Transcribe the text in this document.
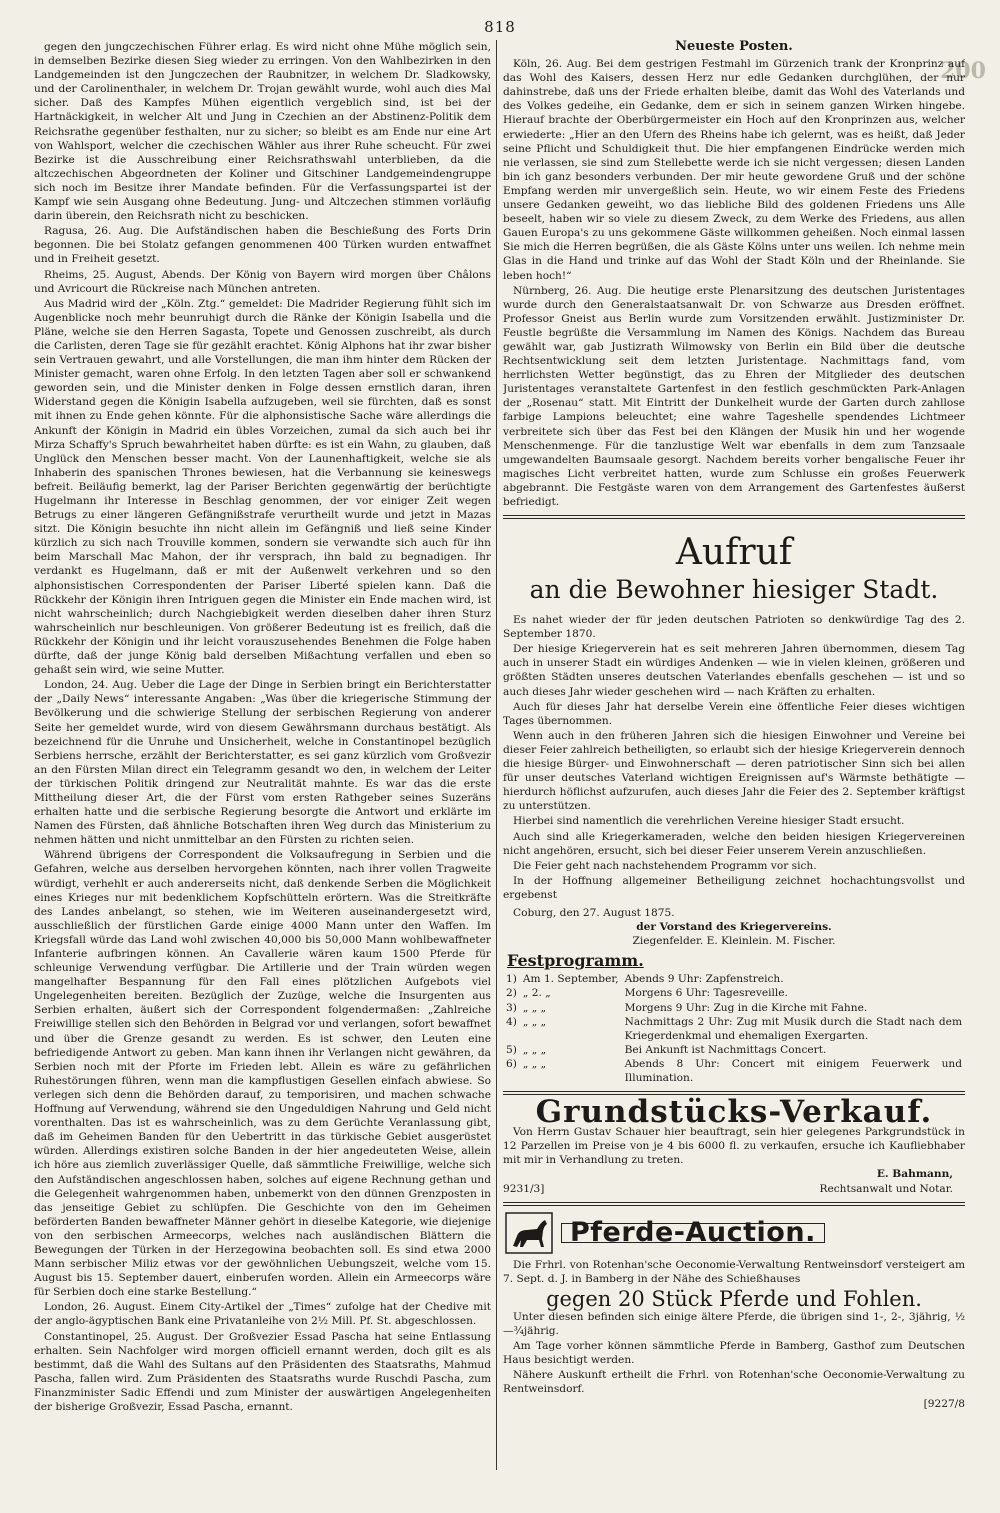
818
200

gegen den jungczechischen Führer erlag. Es wird nicht ohne Mühe möglich sein, in demselben Bezirke diesen Sieg wieder zu erringen. Von den Wahlbezirken in den Landgemeinden ist den Jungczechen der Raubnitzer, in welchem Dr. Sladkowsky, und der Carolinenthaler, in welchem Dr. Trojan gewählt wurde, wohl auch dies Mal sicher. Daß des Kampfes Mühen eigentlich vergeblich sind, ist bei der Hartnäckigkeit, in welcher Alt und Jung in Czechien an der Abstinenz-Politik dem Reichsrathe gegenüber festhalten, nur zu sicher; so bleibt es am Ende nur eine Art von Wahlsport, welcher die czechischen Wähler aus ihrer Ruhe scheucht. Für zwei Bezirke ist die Ausschreibung einer Reichsrathswahl unterblieben, da die altczechischen Abgeordneten der Koliner und Gitschiner Landgemeindengruppe sich noch im Besitze ihrer Mandate befinden. Für die Verfassungspartei ist der Kampf wie sein Ausgang ohne Bedeutung. Jung- und Altczechen stimmen vorläufig darin überein, den Reichsrath nicht zu beschicken.

Ragusa, 26. Aug. Die Aufständischen haben die Beschießung des Forts Drin begonnen. Die bei Stolatz gefangen genommenen 400 Türken wurden entwaffnet und in Freiheit gesetzt.

Rheims, 25. August, Abends. Der König von Bayern wird morgen über Châlons und Avricourt die Rückreise nach München antreten.

Aus Madrid wird der „Köln. Ztg.“ gemeldet: Die Madrider Regierung fühlt sich im Augenblicke noch mehr beunruhigt durch die Ränke der Königin Isabella und die Pläne, welche sie den Herren Sagasta, Topete und Genossen zuschreibt, als durch die Carlisten, deren Tage sie für gezählt erachtet. König Alphons hat ihr zwar bisher sein Vertrauen gewahrt, und alle Vorstellungen, die man ihm hinter dem Rücken der Minister gemacht, waren ohne Erfolg. In den letzten Tagen aber soll er schwankend geworden sein, und die Minister denken in Folge dessen ernstlich daran, ihren Widerstand gegen die Königin Isabella aufzugeben, weil sie fürchten, daß es sonst mit ihnen zu Ende gehen könnte. Für die alphonsistische Sache wäre allerdings die Ankunft der Königin in Madrid ein übles Vorzeichen, zumal da sich auch bei ihr Mirza Schaffy's Spruch bewahrheitet haben dürfte: es ist ein Wahn, zu glauben, daß Unglück den Menschen besser macht. Von der Launenhaftigkeit, welche sie als Inhaberin des spanischen Thrones bewiesen, hat die Verbannung sie keineswegs befreit. Beiläufig bemerkt, lag der Pariser Berichten gegenwärtig der berüchtigte Hugelmann ihr Interesse in Beschlag genommen, der vor einiger Zeit wegen Betrugs zu einer längeren Gefängnißstrafe verurtheilt wurde und jetzt in Mazas sitzt. Die Königin besuchte ihn nicht allein im Gefängniß und ließ seine Kinder kürzlich zu sich nach Trouville kommen, sondern sie verwandte sich auch für ihn beim Marschall Mac Mahon, der ihr versprach, ihn bald zu begnadigen. Ihr verdankt es Hugelmann, daß er mit der Außenwelt verkehren und so den alphonsistischen Correspondenten der Pariser Liberté spielen kann. Daß die Rückkehr der Königin ihren Intriguen gegen die Minister ein Ende machen wird, ist nicht wahrscheinlich; durch Nachgiebigkeit werden dieselben daher ihren Sturz wahrscheinlich nur beschleunigen. Von größerer Bedeutung ist es freilich, daß die Rückkehr der Königin und ihr leicht vorauszusehendes Benehmen die Folge haben dürfte, daß der junge König bald derselben Mißachtung verfallen und eben so gehaßt sein wird, wie seine Mutter.

London, 24. Aug. Ueber die Lage der Dinge in Serbien bringt ein Berichterstatter der „Daily News“ interessante Angaben: „Was über die kriegerische Stimmung der Bevölkerung und die schwierige Stellung der serbischen Regierung von anderer Seite her gemeldet wurde, wird von diesem Gewährsmann durchaus bestätigt. Als bezeichnend für die Unruhe und Unsicherheit, welche in Constantinopel bezüglich Serbiens herrsche, erzählt der Berichterstatter, es sei ganz kürzlich vom Großvezir an den Fürsten Milan direct ein Telegramm gesandt wo den, in welchem der Leiter der türkischen Politik dringend zur Neutralität mahnte. Es war das die erste Mittheilung dieser Art, die der Fürst vom ersten Rathgeber seines Suzeräns erhalten hatte und die serbische Regierung besorgte die Antwort und erklärte im Namen des Fürsten, daß ähnliche Botschaften ihren Weg durch das Ministerium zu nehmen hätten und nicht unmittelbar an den Fürsten zu richten seien.

Während übrigens der Correspondent die Volksaufregung in Serbien und die Gefahren, welche aus derselben hervorgehen könnten, nach ihrer vollen Tragweite würdigt, verhehlt er auch andererseits nicht, daß denkende Serben die Möglichkeit eines Krieges nur mit bedenklichem Kopfschütteln erörtern. Was die Streitkräfte des Landes anbelangt, so stehen, wie im Weiteren auseinandergesetzt wird, ausschließlich der fürstlichen Garde einige 4000 Mann unter den Waffen. Im Kriegsfall würde das Land wohl zwischen 40,000 bis 50,000 Mann wohlbewaffneter Infanterie aufbringen können. An Cavallerie wären kaum 1500 Pferde für schleunige Verwendung verfügbar. Die Artillerie und der Train würden wegen mangelhafter Bespannung für den Fall eines plötzlichen Aufgebots viel Ungelegenheiten bereiten. Bezüglich der Zuzüge, welche die Insurgenten aus Serbien erhalten, äußert sich der Correspondent folgendermaßen: „Zahlreiche Freiwillige stellen sich den Behörden in Belgrad vor und verlangen, sofort bewaffnet und über die Grenze gesandt zu werden. Es ist schwer, den Leuten eine befriedigende Antwort zu geben. Man kann ihnen ihr Verlangen nicht gewähren, da Serbien noch mit der Pforte im Frieden lebt. Allein es wäre zu gefährlichen Ruhestörungen führen, wenn man die kampflustigen Gesellen einfach abwiese. So verlegen sich denn die Behörden darauf, zu temporisiren, und machen schwache Hoffnung auf Verwendung, während sie den Ungeduldigen Nahrung und Geld nicht vorenthalten. Das ist es wahrscheinlich, was zu dem Gerüchte Veranlassung gibt, daß im Geheimen Banden für den Uebertritt in das türkische Gebiet ausgerüstet würden. Allerdings existiren solche Banden in der hier angedeuteten Weise, allein ich höre aus ziemlich zuverlässiger Quelle, daß sämmtliche Freiwillige, welche sich den Aufständischen angeschlossen haben, solches auf eigene Rechnung gethan und die Gelegenheit wahrgenommen haben, unbemerkt von den dünnen Grenzposten in das jenseitige Gebiet zu schlüpfen. Die Geschichte von den im Geheimen beförderten Banden bewaffneter Männer gehört in dieselbe Kategorie, wie diejenige von den serbischen Armeecorps, welches nach ausländischen Blättern die Bewegungen der Türken in der Herzegowina beobachten soll. Es sind etwa 2000 Mann serbischer Miliz etwas vor der gewöhnlichen Uebungszeit, welche vom 15. August bis 15. September dauert, einberufen worden. Allein ein Armeecorps wäre für Serbien doch eine starke Bestellung.“

London, 26. August. Einem City-Artikel der „Times“ zufolge hat der Chedive mit der anglo-ägyptischen Bank eine Privatanleihe von 2½ Mill. Pf. St. abgeschlossen.

Constantinopel, 25. August. Der Großvezier Essad Pascha hat seine Entlassung erhalten. Sein Nachfolger wird morgen officiell ernannt werden, doch gilt es als bestimmt, daß die Wahl des Sultans auf den Präsidenten des Staatsraths, Mahmud Pascha, fallen wird. Zum Präsidenten des Staatsraths wurde Ruschdi Pascha, zum Finanzminister Sadic Effendi und zum Minister der auswärtigen Angelegenheiten der bisherige Großvezir, Essad Pascha, ernannt.

Neueste Posten.

Köln, 26. Aug. Bei dem gestrigen Festmahl im Gürzenich trank der Kronprinz auf das Wohl des Kaisers, dessen Herz nur edle Gedanken durchglühen, der nur dahinstrebe, daß uns der Friede erhalten bleibe, damit das Wohl des Vaterlands und des Volkes gedeihe, ein Gedanke, dem er sich in seinem ganzen Wirken hingebe. Hierauf brachte der Oberbürgermeister ein Hoch auf den Kronprinzen aus, welcher erwiederte: „Hier an den Ufern des Rheins habe ich gelernt, was es heißt, daß Jeder seine Pflicht und Schuldigkeit thut. Die hier empfangenen Eindrücke werden mich nie verlassen, sie sind zum Stellebette werde ich sie nicht vergessen; diesen Landen bin ich ganz besonders verbunden. Der mir heute gewordene Gruß und der schöne Empfang werden mir unvergeßlich sein. Heute, wo wir einem Feste des Friedens unsere Gedanken geweiht, wo das liebliche Bild des goldenen Friedens uns Alle beseelt, haben wir so viele zu diesem Zweck, zu dem Werke des Friedens, aus allen Gauen Europa's zu uns gekommene Gäste willkommen geheißen. Noch einmal lassen Sie mich die Herren begrüßen, die als Gäste Kölns unter uns weilen. Ich nehme mein Glas in die Hand und trinke auf das Wohl der Stadt Köln und der Rheinlande. Sie leben hoch!“

Nürnberg, 26. Aug. Die heutige erste Plenarsitzung des deutschen Juristentages wurde durch den Generalstaatsanwalt Dr. von Schwarze aus Dresden eröffnet. Professor Gneist aus Berlin wurde zum Vorsitzenden erwählt. Justizminister Dr. Feustle begrüßte die Versammlung im Namen des Königs. Nachdem das Bureau gewählt war, gab Justizrath Wilmowsky von Berlin ein Bild über die deutsche Rechtsentwicklung seit dem letzten Juristentage. Nachmittags fand, vom herrlichsten Wetter begünstigt, das zu Ehren der Mitglieder des deutschen Juristentages veranstaltete Gartenfest in den festlich geschmückten Park-Anlagen der „Rosenau“ statt. Mit Eintritt der Dunkelheit wurde der Garten durch zahllose farbige Lampions beleuchtet; eine wahre Tageshelle spendendes Lichtmeer verbreitete sich über das Fest bei den Klängen der Musik hin und her wogende Menschenmenge. Für die tanzlustige Welt war ebenfalls in dem zum Tanzsaale umgewandelten Baumsaale gesorgt. Nachdem bereits vorher bengalische Feuer ihr magisches Licht verbreitet hatten, wurde zum Schlusse ein großes Feuerwerk abgebrannt. Die Festgäste waren von dem Arrangement des Gartenfestes äußerst befriedigt.

Aufruf
an die Bewohner hiesiger Stadt.

Es nahet wieder der für jeden deutschen Patrioten so denkwürdige Tag des 2. September 1870.

Der hiesige Kriegerverein hat es seit mehreren Jahren übernommen, diesem Tag auch in unserer Stadt ein würdiges Andenken — wie in vielen kleinen, größeren und größten Städten unseres deutschen Vaterlandes ebenfalls geschehen — ist und so auch dieses Jahr wieder geschehen wird — nach Kräften zu erhalten.

Auch für dieses Jahr hat derselbe Verein eine öffentliche Feier dieses wichtigen Tages übernommen.

Wenn auch in den früheren Jahren sich die hiesigen Einwohner und Vereine bei dieser Feier zahlreich betheiligten, so erlaubt sich der hiesige Kriegerverein dennoch die hiesige Bürger- und Einwohnerschaft — deren patriotischer Sinn sich bei allen für unser deutsches Vaterland wichtigen Ereignissen auf's Wärmste bethätigte — hierdurch höflichst aufzurufen, auch dieses Jahr die Feier des 2. September kräftigst zu unterstützen.

Hierbei sind namentlich die verehrlichen Vereine hiesiger Stadt ersucht.

Auch sind alle Kriegerkameraden, welche den beiden hiesigen Kriegervereinen nicht angehören, ersucht, sich bei dieser Feier unserem Verein anzuschließen.

Die Feier geht nach nachstehendem Programm vor sich.

In der Hoffnung allgemeiner Betheiligung zeichnet hochachtungsvollst und ergebenst

Coburg, den 27. August 1875.

der Vorstand des Kriegervereins.
Ziegenfelder. E. Kleinlein. M. Fischer.
Festprogramm.
1)	Am 1. September,	Abends 9 Uhr: Zapfenstreich.
2)	„ 2. „	Morgens 6 Uhr: Tagesreveille.
3)	„ „ „	Morgens 9 Uhr: Zug in die Kirche mit Fahne.
4)	„ „ „	Nachmittags 2 Uhr: Zug mit Musik durch die Stadt nach dem Kriegerdenkmal und ehemaligen Exergarten.
5)	„ „ „	Bei Ankunft ist Nachmittags Concert.
6)	„ „ „	Abends 8 Uhr: Concert mit einigem Feuerwerk und Illumination.
Grundstücks-Verkauf.

Von Herrn Gustav Schauer hier beauftragt, sein hier gelegenes Parkgrundstück in 12 Parzellen im Preise von je 4 bis 6000 fl. zu verkaufen, ersuche ich Kaufliebhaber mit mir in Verhandlung zu treten.

E. Bahmann,
9231/3]	Rechtsanwalt und Notar.
Pferde-Auction.

Die Frhrl. von Rotenhan'sche Oeconomie-Verwaltung Rentweinsdorf versteigert am 7. Sept. d. J. in Bamberg in der Nähe des Schießhauses

gegen 20 Stück Pferde und Fohlen.

Unter diesen befinden sich einige ältere Pferde, die übrigen sind 1-, 2-, 3jährig, ½—¾jährig.

Am Tage vorher können sämmtliche Pferde in Bamberg, Gasthof zum Deutschen Haus besichtigt werden.

Nähere Auskunft ertheilt die Frhrl. von Rotenhan'sche Oeconomie-Verwaltung zu Rentweinsdorf.

[9227/8
